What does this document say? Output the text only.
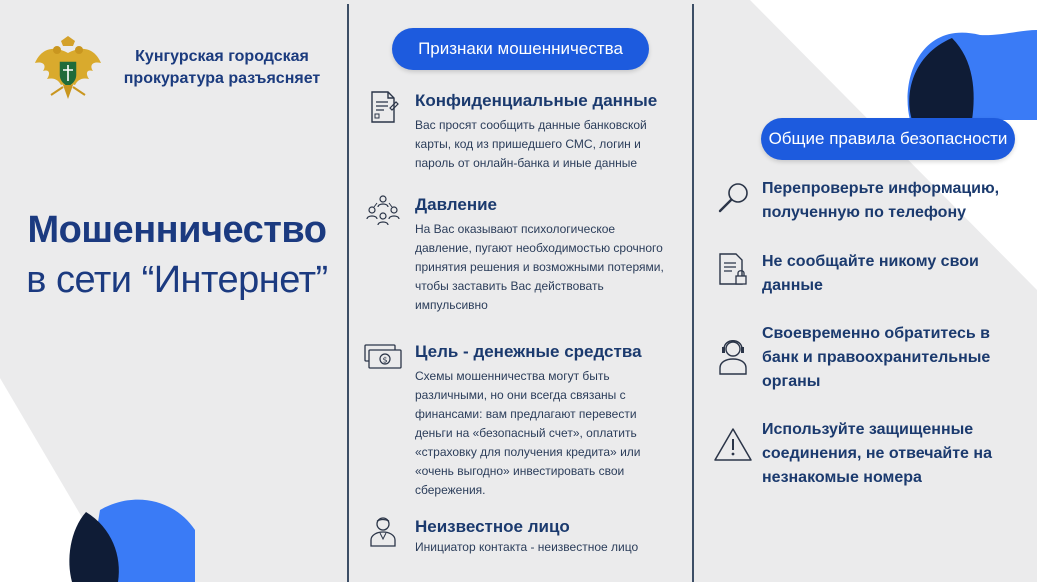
Кунгурская городская
прокуратура разъясняет
Мошенничество
в сети “Интернет”
Признаки мошенничества
Конфиденциальные данные
Вас просят сообщить данные банковской
карты, код из пришедшего СМС, логин и
пароль от онлайн-банка и иные данные
Давление
На Вас оказывают психологическое
давление, пугают необходимостью срочного
принятия решения и возможными потерями,
чтобы заставить Вас действовать
импульсивно
$ Цель - денежные средства
Схемы мошенничества могут быть
различными, но они всегда связаны с
финансами: вам предлагают перевести
деньги на «безопасный счет», оплатить
«страховку для получения кредита» или
«очень выгодно» инвестировать свои
сбережения.
Неизвестное лицо
Инициатор контакта - неизвестное лицо
Общие правила безопасности
Перепроверьте информацию,
полученную по телефону
Не сообщайте никому свои
данные
Своевременно обратитесь в
банк и правоохранительные
органы
Используйте защищенные
соединения, не отвечайте на
незнакомые номера
